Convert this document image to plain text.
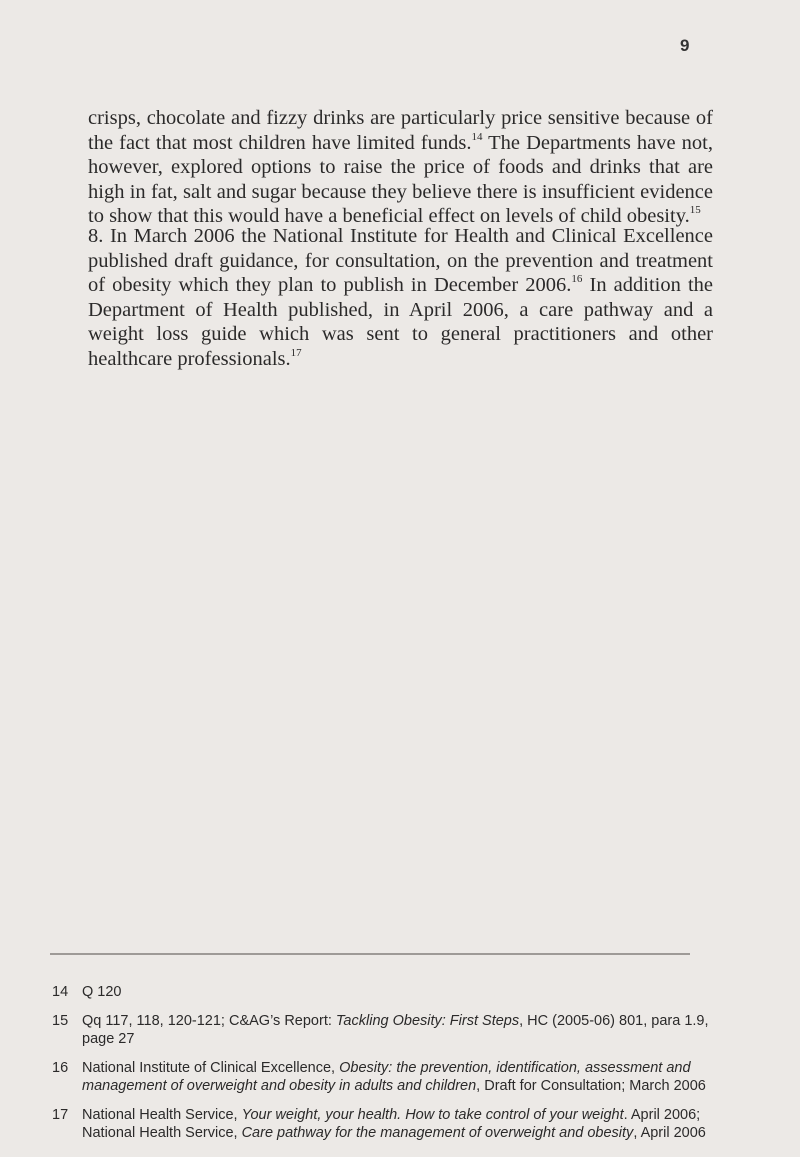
9

crisps, chocolate and fizzy drinks are particularly price sensitive because of the fact that most children have limited funds.$^{14}$ The Departments have not, however, explored options to raise the price of foods and drinks that are high in fat, salt and sugar because they believe there is insufficient evidence to show that this would have a beneficial effect on levels of child obesity.$^{15}$

8. In March 2006 the National Institute for Health and Clinical Excellence published draft guidance, for consultation, on the prevention and treatment of obesity which they plan to publish in December 2006.16 In addition the Department of Health published, in April 2006, a care pathway and a weight loss guide which was sent to general practitioners and other healthcare professionals.$^{17}$

14 Q 120
15 Qq 117, 118, 120-121; C&AG’s Report: Tackling Obesity: First Steps, HC (2005-06) 801, para 1.9, page 27
16 National Institute of Clinical Excellence, Obesity: the prevention, identification, assessment and management of overweight and obesity in adults and children, Draft for Consultation; March 2006
17 National Health Service, Your weight, your health. How to take control of your weight. April 2006; National Health Service, Care pathway for the management of overweight and obesity, April 2006
